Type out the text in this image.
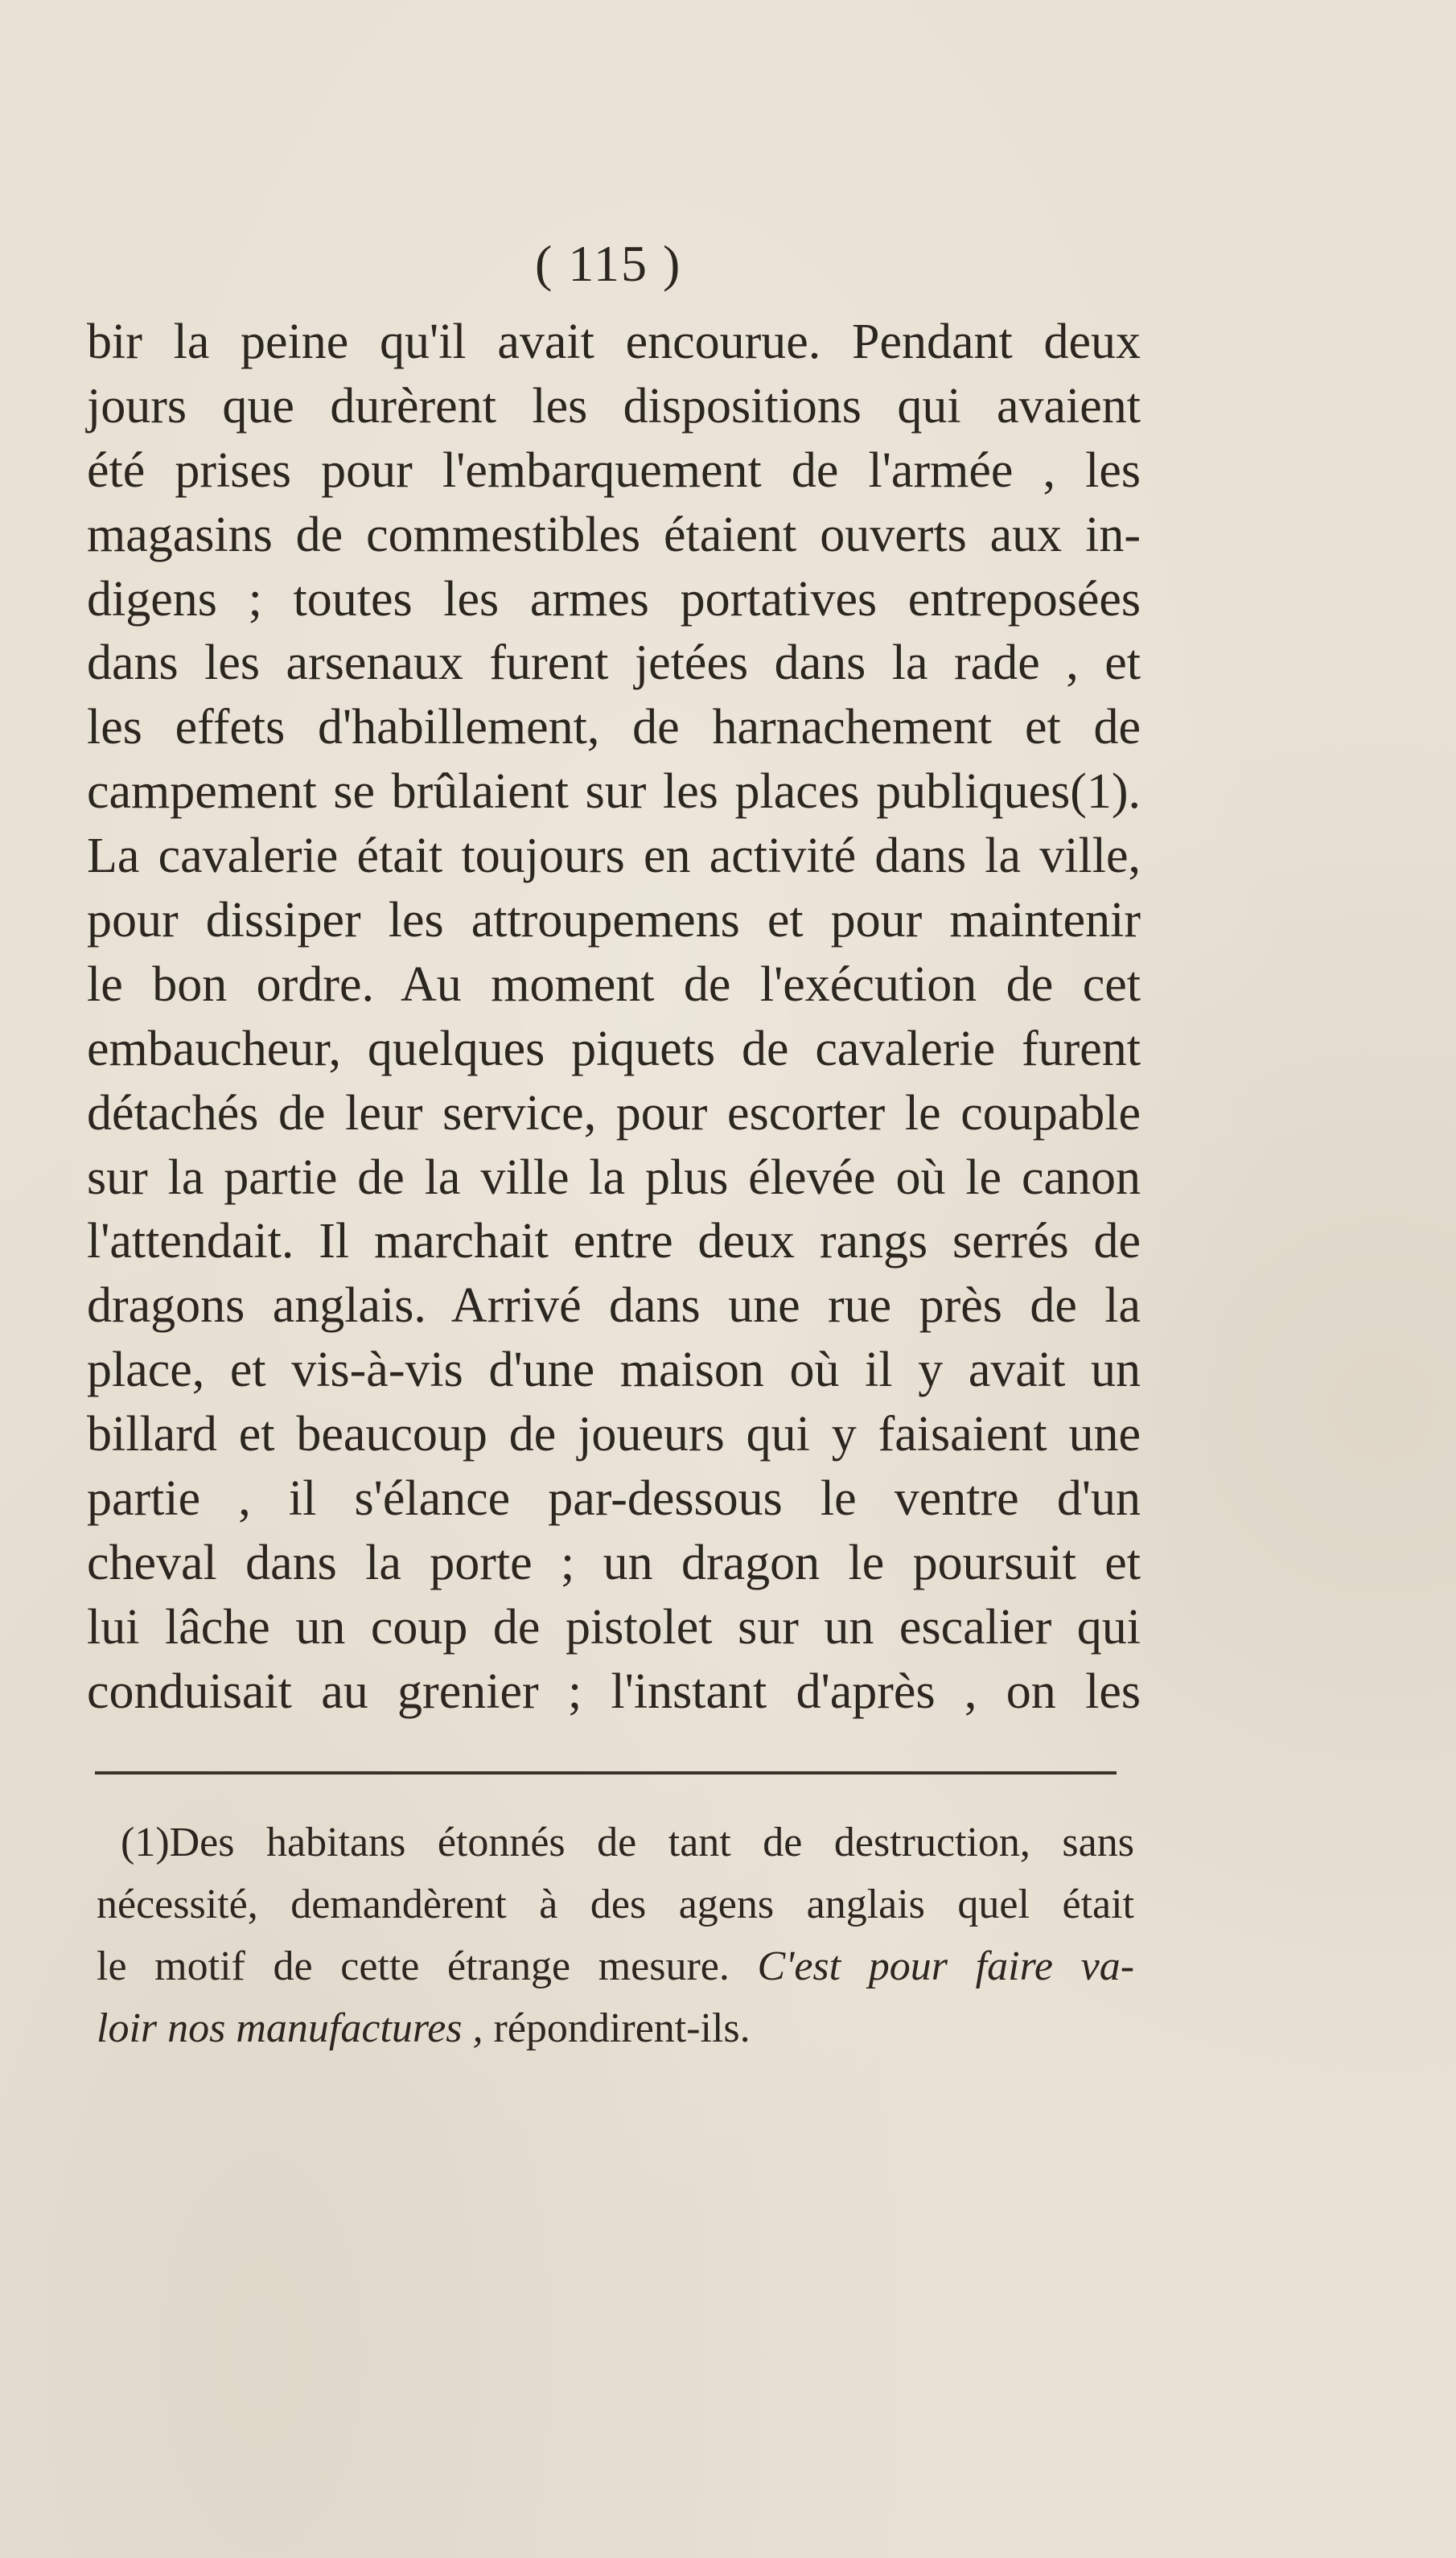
( 115 )
bir la peine qu'il avait encourue. Pendant deux
jours que durèrent les dispositions qui avaient
été prises pour l'embarquement de l'armée , les
magasins de commestibles étaient ouverts aux in-
digens ; toutes les armes portatives entreposées
dans les arsenaux furent jetées dans la rade , et
les effets d'habillement, de harnachement et de
campement se brûlaient sur les places publiques(1).
La cavalerie était toujours en activité dans la ville,
pour dissiper les attroupemens et pour maintenir
le bon ordre. Au moment de l'exécution de cet
embaucheur, quelques piquets de cavalerie furent
détachés de leur service, pour escorter le coupable
sur la partie de la ville la plus élevée où le canon
l'attendait. Il marchait entre deux rangs serrés de
dragons anglais. Arrivé dans une rue près de la
place, et vis-à-vis d'une maison où il y avait un
billard et beaucoup de joueurs qui y faisaient une
partie , il s'élance par-dessous le ventre d'un
cheval dans la porte ; un dragon le poursuit et
lui lâche un coup de pistolet sur un escalier qui
conduisait au grenier ; l'instant d'après , on les
(1)Des habitans étonnés de tant de destruction, sans
nécessité, demandèrent à des agens anglais quel était
le motif de cette étrange mesure. C'est pour faire va-
loir nos manufactures , répondirent-ils.
